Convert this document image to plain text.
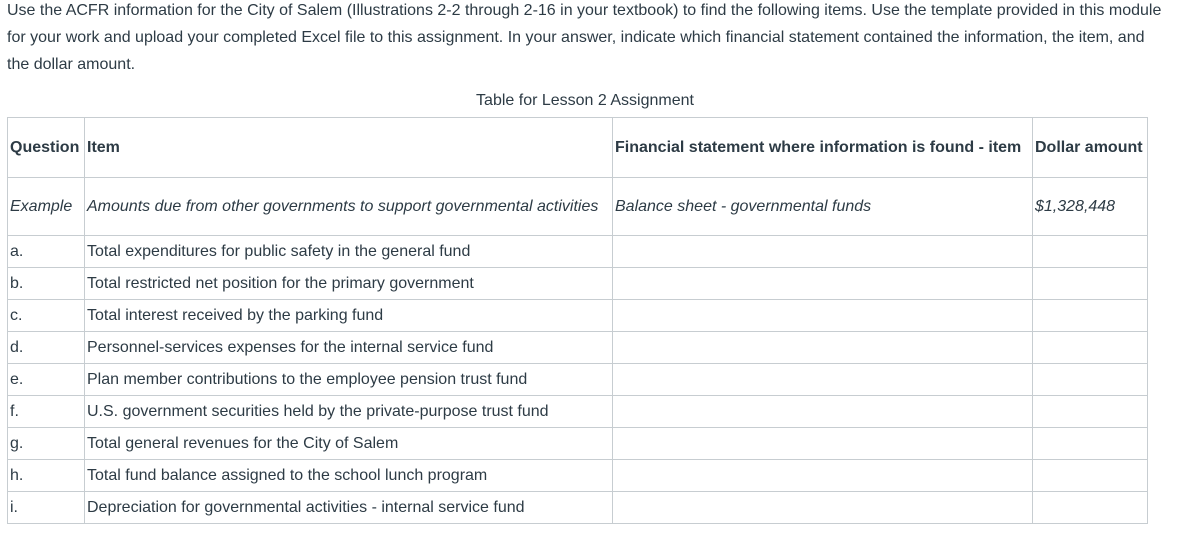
Use the ACFR information for the City of Salem (Illustrations 2-2 through 2-16 in your textbook) to find the following items. Use the template provided in this module for your work and upload your completed Excel file to this assignment. In your answer, indicate which financial statement contained the information, the item, and the dollar amount.

Table for Lesson 2 Assignment
Question	Item	Financial statement where information is found - item	Dollar amount
Example	Amounts due from other governments to support governmental activities	Balance sheet - governmental funds	$1,328,448
a.	Total expenditures for public safety in the general fund		
b.	Total restricted net position for the primary government		
c.	Total interest received by the parking fund		
d.	Personnel-services expenses for the internal service fund		
e.	Plan member contributions to the employee pension trust fund		
f.	U.S. government securities held by the private-purpose trust fund		
g.	Total general revenues for the City of Salem		
h.	Total fund balance assigned to the school lunch program		
i.	Depreciation for governmental activities - internal service fund		
